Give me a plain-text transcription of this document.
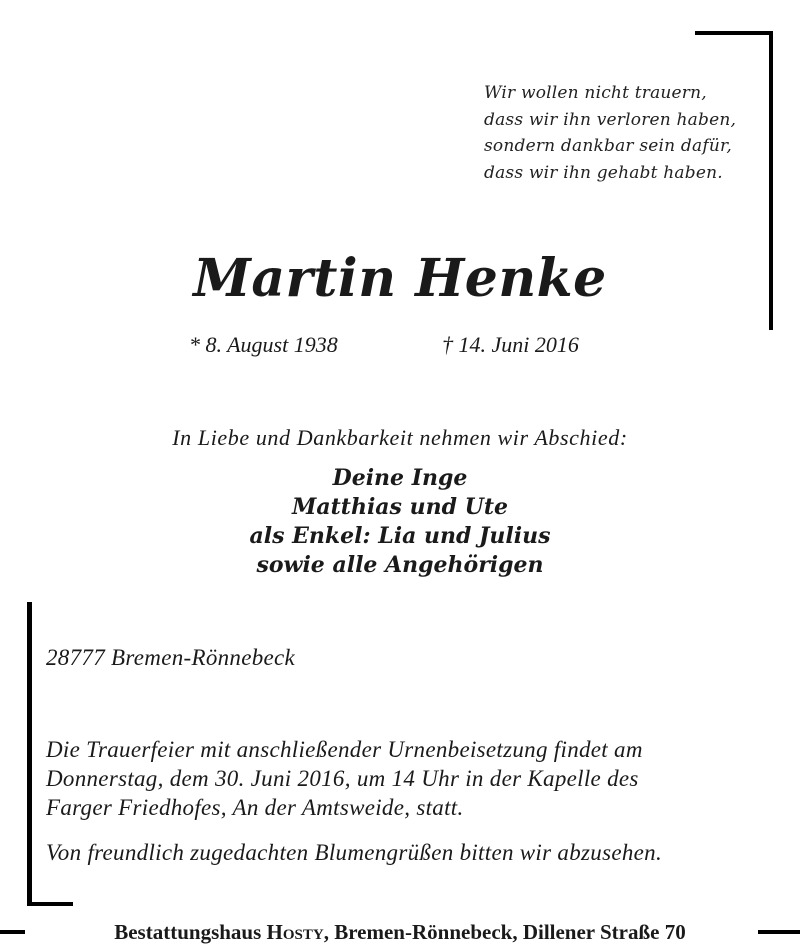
Wir wollen nicht trauern,
dass wir ihn verloren haben,
sondern dankbar sein dafür,
dass wir ihn gehabt haben.
Martin Henke
* 8. August 1938	† 14. Juni 2016
In Liebe und Dankbarkeit nehmen wir Abschied:
Deine Inge
Matthias und Ute
als Enkel: Lia und Julius
sowie alle Angehörigen
28777 Bremen-Rönnebeck
Die Trauerfeier mit anschließender Urnenbeisetzung findet am
Donnerstag, dem 30. Juni 2016, um 14 Uhr in der Kapelle des
Farger Friedhofes, An der Amtsweide, statt.
Von freundlich zugedachten Blumengrüßen bitten wir abzusehen.
Bestattungshaus Hosty, Bremen-Rönnebeck, Dillener Straße 70
